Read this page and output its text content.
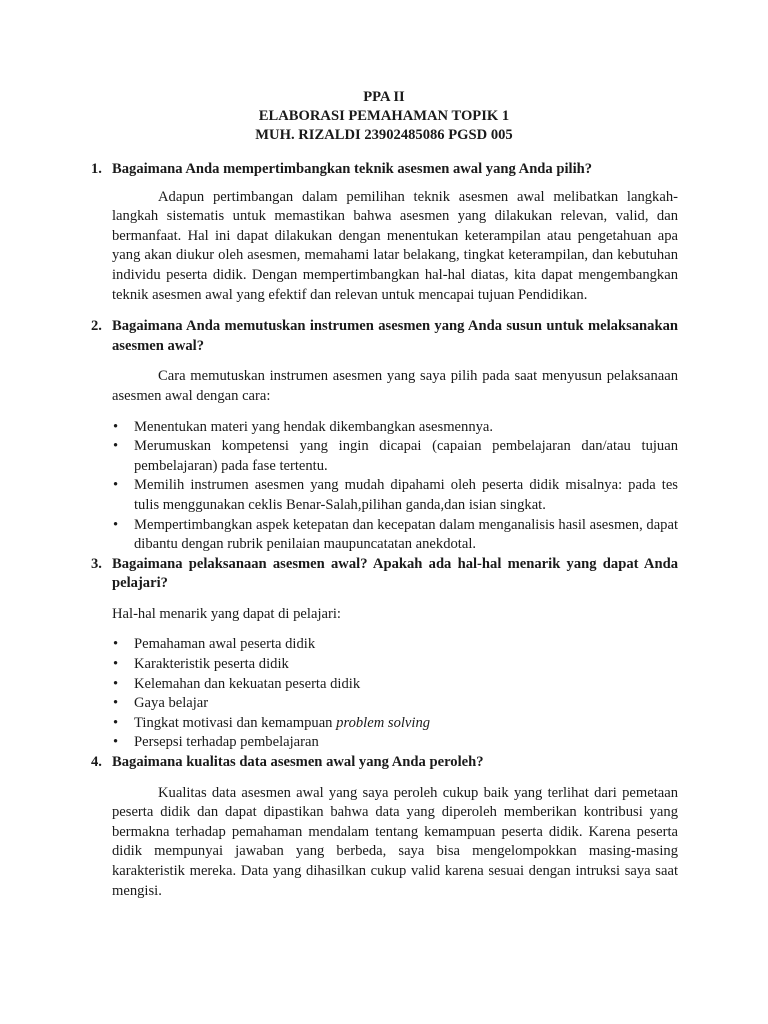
PPA II
ELABORASI PEMAHAMAN TOPIK 1
MUH. RIZALDI 23902485086 PGSD 005
1. Bagaimana Anda mempertimbangkan teknik asesmen awal yang Anda pilih?
Adapun pertimbangan dalam pemilihan teknik asesmen awal melibatkan langkah-langkah sistematis untuk memastikan bahwa asesmen yang dilakukan relevan, valid, dan bermanfaat. Hal ini dapat dilakukan dengan menentukan keterampilan atau pengetahuan apa yang akan diukur oleh asesmen, memahami latar belakang, tingkat keterampilan, dan kebutuhan individu peserta didik. Dengan mempertimbangkan hal-hal diatas, kita dapat mengembangkan teknik asesmen awal yang efektif dan relevan untuk mencapai tujuan Pendidikan.
2. Bagaimana Anda memutuskan instrumen asesmen yang Anda susun untuk melaksanakan asesmen awal?
Cara memutuskan instrumen asesmen yang saya pilih pada saat menyusun pelaksanaan asesmen awal dengan cara:
• Menentukan materi yang hendak dikembangkan asesmennya.
• Merumuskan kompetensi yang ingin dicapai (capaian pembelajaran dan/atau tujuan pembelajaran) pada fase tertentu.
• Memilih instrumen asesmen yang mudah dipahami oleh peserta didik misalnya: pada tes tulis menggunakan ceklis Benar-Salah,pilihan ganda,dan isian singkat.
• Mempertimbangkan aspek ketepatan dan kecepatan dalam menganalisis hasil asesmen, dapat dibantu dengan rubrik penilaian maupuncatatan anekdotal.
3. Bagaimana pelaksanaan asesmen awal? Apakah ada hal-hal menarik yang dapat Anda pelajari?
Hal-hal menarik yang dapat di pelajari:
• Pemahaman awal peserta didik
• Karakteristik peserta didik
• Kelemahan dan kekuatan peserta didik
• Gaya belajar
• Tingkat motivasi dan kemampuan problem solving
• Persepsi terhadap pembelajaran
4. Bagaimana kualitas data asesmen awal yang Anda peroleh?
Kualitas data asesmen awal yang saya peroleh cukup baik yang terlihat dari pemetaan peserta didik dan dapat dipastikan bahwa data yang diperoleh memberikan kontribusi yang bermakna terhadap pemahaman mendalam tentang kemampuan peserta didik. Karena peserta didik mempunyai jawaban yang berbeda, saya bisa mengelompokkan masing-masing karakteristik mereka. Data yang dihasilkan cukup valid karena sesuai dengan intruksi saya saat mengisi.
